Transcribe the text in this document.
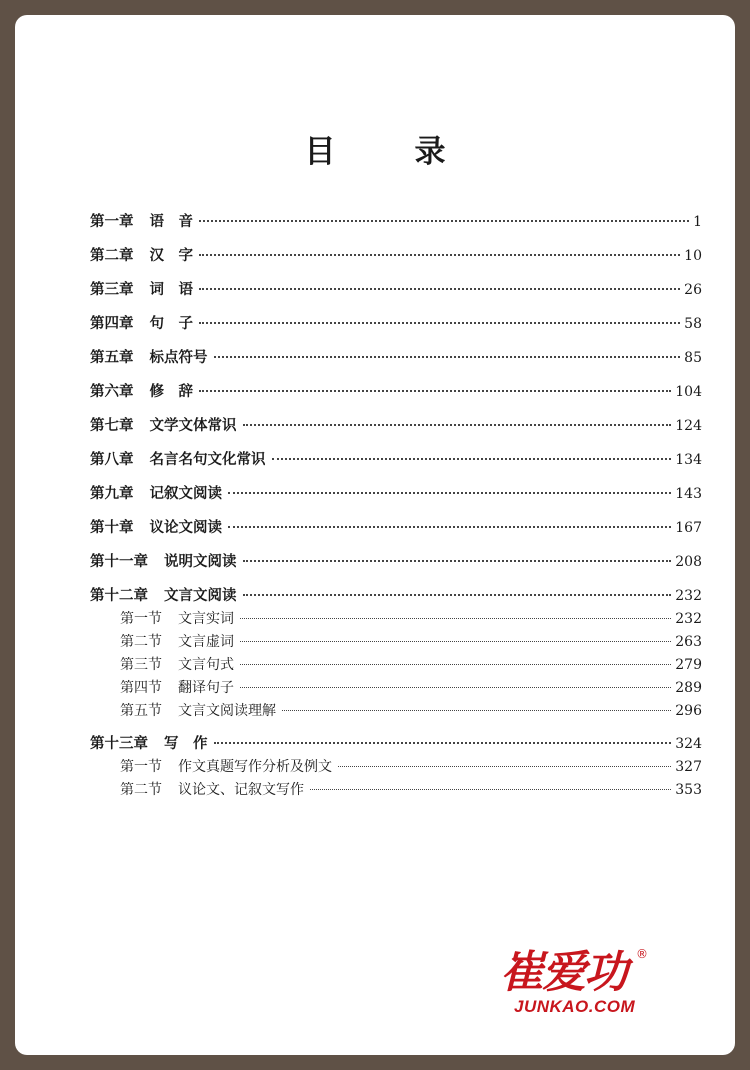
目　录
第一章 语　音	1
第二章 汉　字	10
第三章 词　语	26
第四章 句　子	58
第五章 标点符号	85
第六章 修　辞	104
第七章 文学文体常识	124
第八章 名言名句文化常识	134
第九章 记叙文阅读	143
第十章 议论文阅读	167
第十一章 说明文阅读	208
第十二章 文言文阅读	232
第一节 文言实词	232
第二节 文言虚词	263
第三节 文言句式	279
第四节 翻译句子	289
第五节 文言文阅读理解	296
第十三章 写　作	324
第一节 作文真题写作分析及例文	327
第二节 议论文、记叙文写作	353
崔爱功 ®
JUNKAO.COM
